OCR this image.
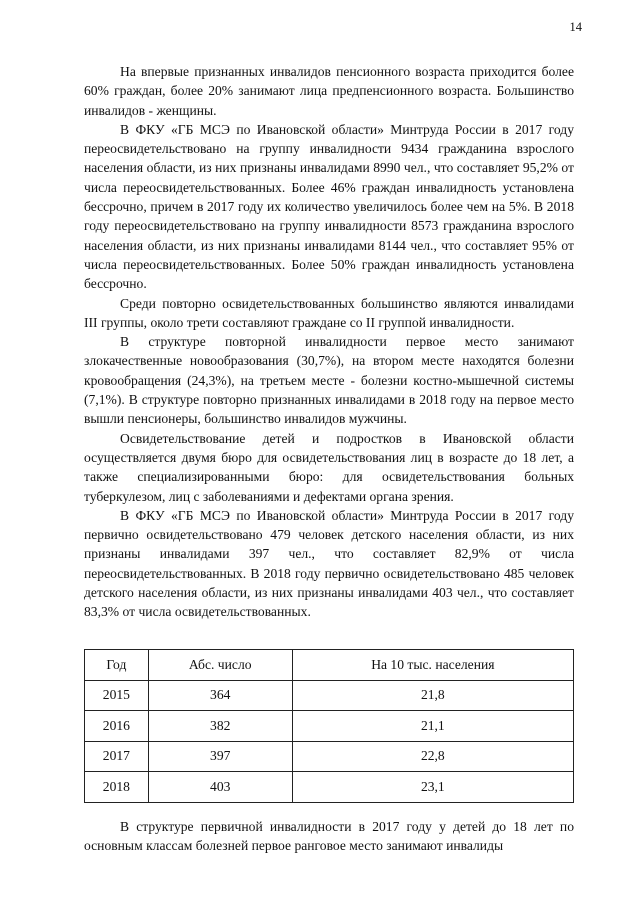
14

На впервые признанных инвалидов пенсионного возраста приходится более 60% граждан, более 20% занимают лица предпенсионного возраста. Большинство инвалидов - женщины.

В ФКУ «ГБ МСЭ по Ивановской области» Минтруда России в 2017 году переосвидетельствовано на группу инвалидности 9434 гражданина взрослого населения области, из них признаны инвалидами 8990 чел., что составляет 95,2% от числа переосвидетельствованных. Более 46% граждан инвалидность установлена бессрочно, причем в 2017 году их количество увеличилось более чем на 5%. В 2018 году переосвидетельствовано на группу инвалидности 8573 гражданина взрослого населения области, из них признаны инвалидами 8144 чел., что составляет 95% от числа переосвидетельствованных. Более 50% граждан инвалидность установлена бессрочно.

Среди повторно освидетельствованных большинство являются инвалидами III группы, около трети составляют граждане со II группой инвалидности.

В структуре повторной инвалидности первое место занимают злокачественные новообразования (30,7%), на втором месте находятся болезни кровообращения (24,3%), на третьем месте - болезни костно-мышечной системы (7,1%). В структуре повторно признанных инвалидами в 2018 году на первое место вышли пенсионеры, большинство инвалидов мужчины.

Освидетельствование детей и подростков в Ивановской области осуществляется двумя бюро для освидетельствования лиц в возрасте до 18 лет, а также специализированными бюро: для освидетельствования больных туберкулезом, лиц с заболеваниями и дефектами органа зрения.

В ФКУ «ГБ МСЭ по Ивановской области» Минтруда России в 2017 году первично освидетельствовано 479 человек детского населения области, из них признаны инвалидами 397 чел., что составляет 82,9% от числа переосвидетельствованных. В 2018 году первично освидетельствовано 485 человек детского населения области, из них признаны инвалидами 403 чел., что составляет 83,3% от числа освидетельствованных.

Год	Абс. число	На 10 тыс. населения
2015	364	21,8
2016	382	21,1
2017	397	22,8
2018	403	23,1

В структуре первичной инвалидности в 2017 году у детей до 18 лет по основным классам болезней первое ранговое место занимают инвалиды
